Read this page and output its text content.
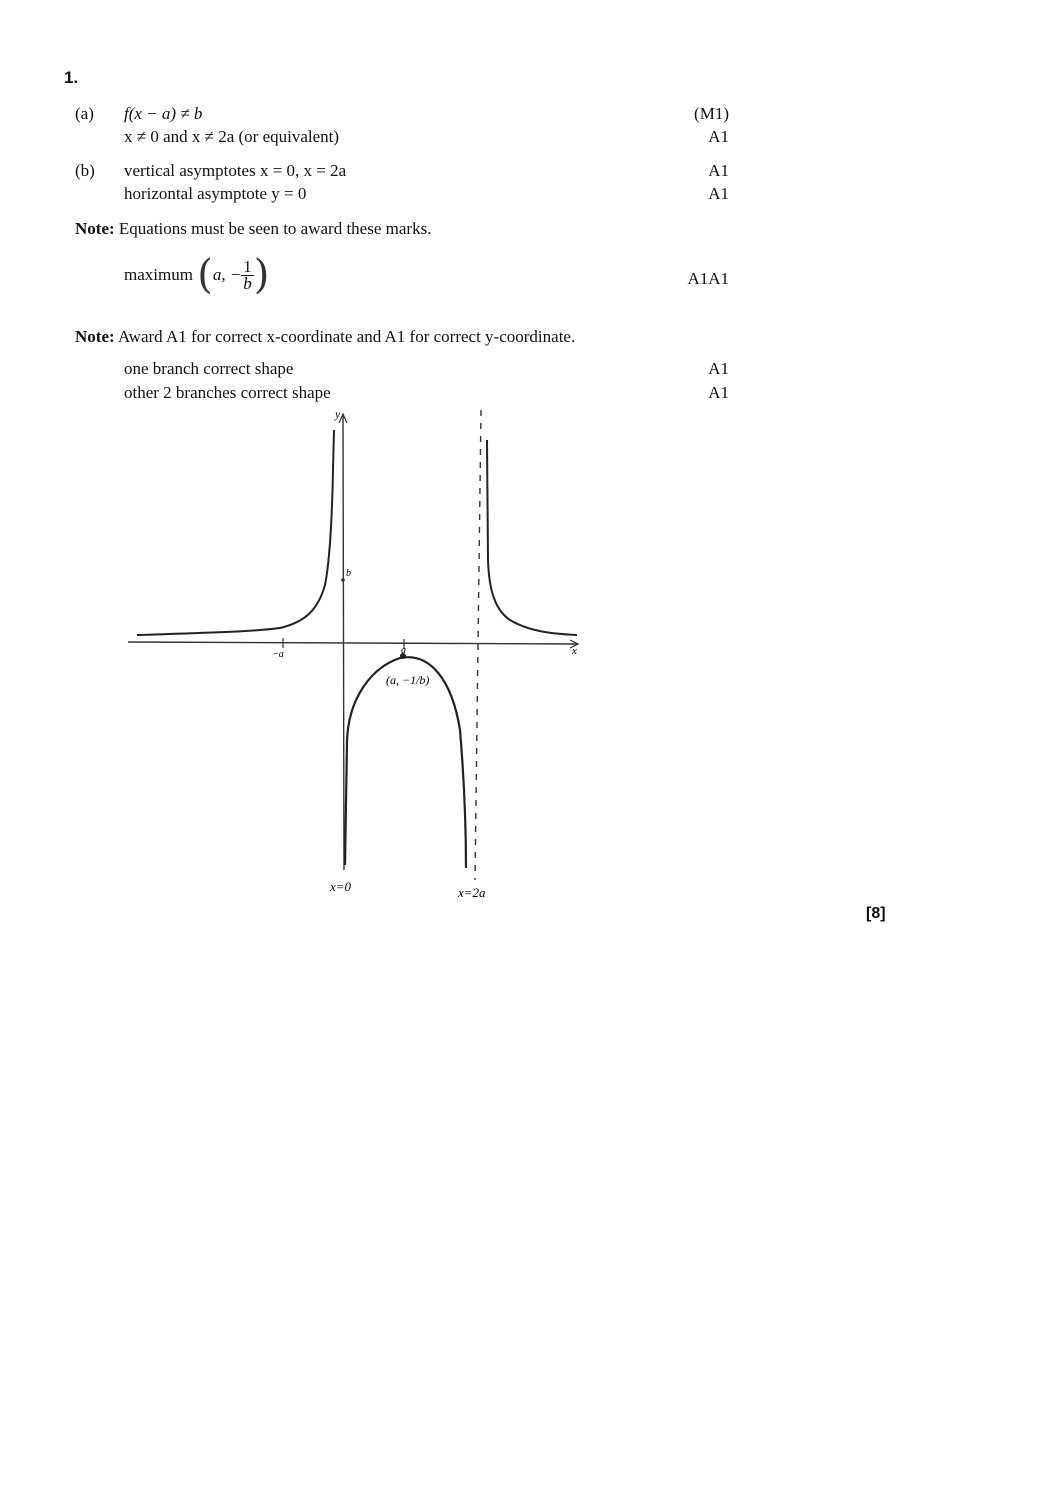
1.
(a) f(x − a) ≠ b	(M1)
x ≠ 0 and x ≠ 2a (or equivalent)	A1
(b) vertical asymptotes x = 0, x = 2a	A1
horizontal asymptote y = 0	A1
Note: Equations must be seen to award these marks.
maximum (a, − $\frac{1}{b}$ )	A1A1
Note: Award A1 for correct x-coordinate and A1 for correct y-coordinate.
one branch correct shape	A1
other 2 branches correct shape	A1
y
x
b
−a	a
(a, −1/b)
x=0	x=2a
[8]
